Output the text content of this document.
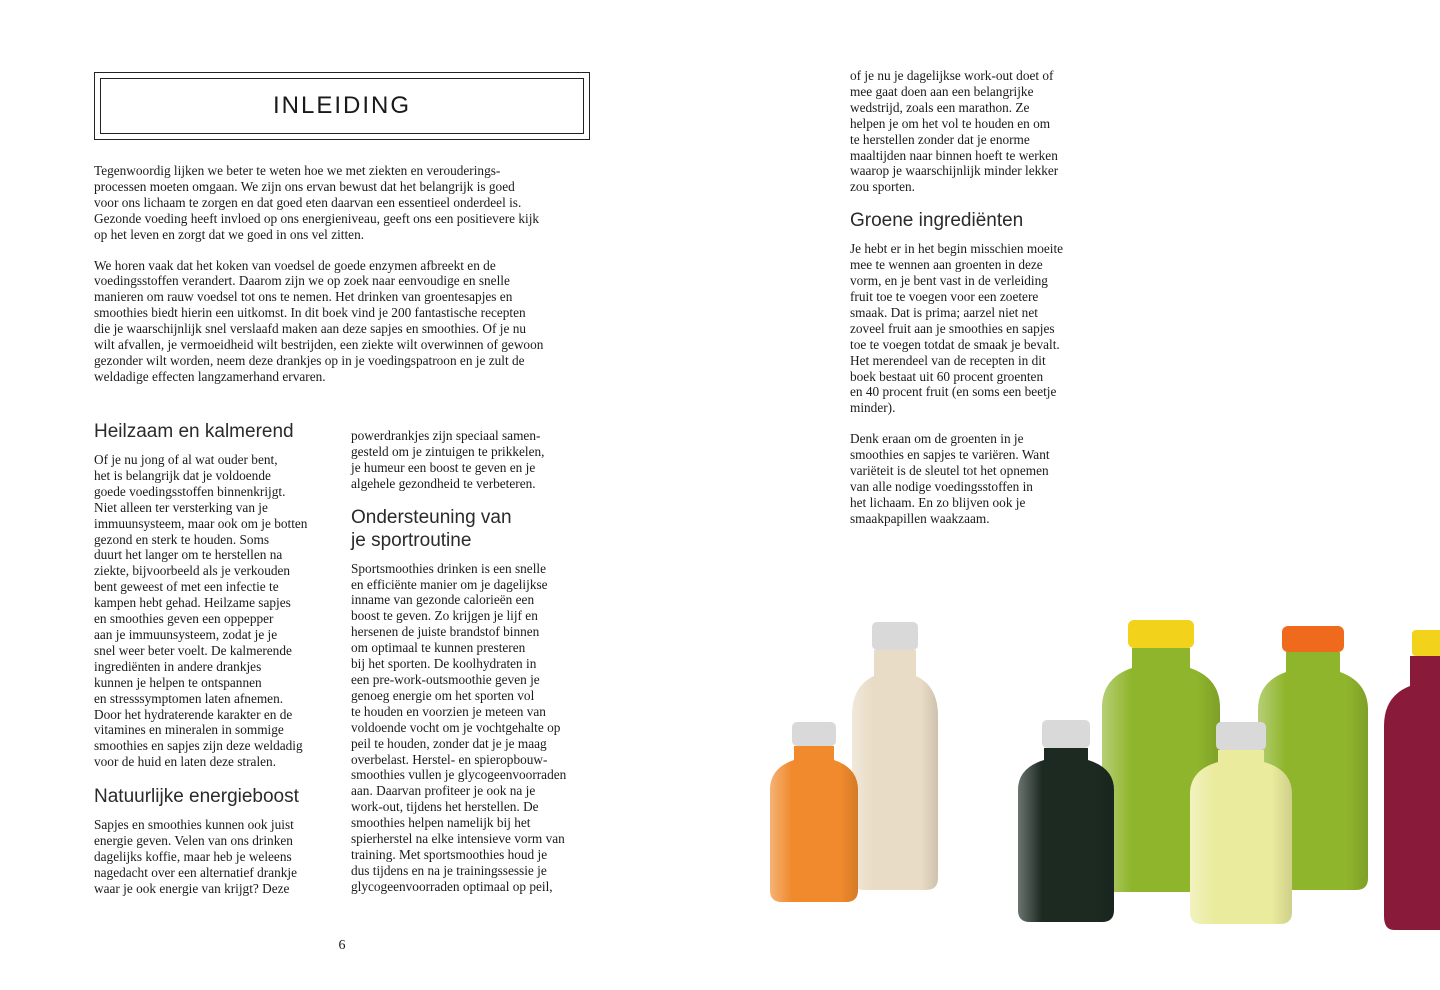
INLEIDING

Tegenwoordig lijken we beter te weten hoe we met ziekten en verouderings-
processen moeten omgaan. We zijn ons ervan bewust dat het belangrijk is goed
voor ons lichaam te zorgen en dat goed eten daarvan een essentieel onderdeel is.
Gezonde voeding heeft invloed op ons energieniveau, geeft ons een positievere kijk
op het leven en zorgt dat we goed in ons vel zitten.

We horen vaak dat het koken van voedsel de goede enzymen afbreekt en de
voedingsstoffen verandert. Daarom zijn we op zoek naar eenvoudige en snelle
manieren om rauw voedsel tot ons te nemen. Het drinken van groentesapjes en
smoothies biedt hierin een uitkomst. In dit boek vind je 200 fantastische recepten
die je waarschijnlijk snel verslaafd maken aan deze sapjes en smoothies. Of je nu
wilt afvallen, je vermoeidheid wilt bestrijden, een ziekte wilt overwinnen of gewoon
gezonder wilt worden, neem deze drankjes op in je voedingspatroon en je zult de
weldadige effecten langzamerhand ervaren.

Heilzaam en kalmerend

Of je nu jong of al wat ouder bent,
het is belangrijk dat je voldoende
goede voedingsstoffen binnenkrijgt.
Niet alleen ter versterking van je
immuunsysteem, maar ook om je botten
gezond en sterk te houden. Soms
duurt het langer om te herstellen na
ziekte, bijvoorbeeld als je verkouden
bent geweest of met een infectie te
kampen hebt gehad. Heilzame sapjes
en smoothies geven een oppepper
aan je immuunsysteem, zodat je je
snel weer beter voelt. De kalmerende
ingrediënten in andere drankjes
kunnen je helpen te ontspannen
en stresssymptomen laten afnemen.
Door het hydraterende karakter en de
vitamines en mineralen in sommige
smoothies en sapjes zijn deze weldadig
voor de huid en laten deze stralen.

Natuurlijke energieboost

Sapjes en smoothies kunnen ook juist
energie geven. Velen van ons drinken
dagelijks koffie, maar heb je weleens
nagedacht over een alternatief drankje
waar je ook energie van krijgt? Deze

powerdrankjes zijn speciaal samen-
gesteld om je zintuigen te prikkelen,
je humeur een boost te geven en je
algehele gezondheid te verbeteren.

Ondersteuning van
je sportroutine

Sportsmoothies drinken is een snelle
en efficiënte manier om je dagelijkse
inname van gezonde calorieën een
boost te geven. Zo krijgen je lijf en
hersenen de juiste brandstof binnen
om optimaal te kunnen presteren
bij het sporten. De koolhydraten in
een pre-work-outsmoothie geven je
genoeg energie om het sporten vol
te houden en voorzien je meteen van
voldoende vocht om je vochtgehalte op
peil te houden, zonder dat je je maag
overbelast. Herstel- en spieropbouw-
smoothies vullen je glycogeenvoorraden
aan. Daarvan profiteer je ook na je
work-out, tijdens het herstellen. De
smoothies helpen namelijk bij het
spierherstel na elke intensieve vorm van
training. Met sportsmoothies houd je
dus tijdens en na je trainingssessie je
glycogeenvoorraden optimaal op peil,

of je nu je dagelijkse work-out doet of
mee gaat doen aan een belangrijke
wedstrijd, zoals een marathon. Ze
helpen je om het vol te houden en om
te herstellen zonder dat je enorme
maaltijden naar binnen hoeft te werken
waarop je waarschijnlijk minder lekker
zou sporten.

Groene ingrediënten

Je hebt er in het begin misschien moeite
mee te wennen aan groenten in deze
vorm, en je bent vast in de verleiding
fruit toe te voegen voor een zoetere
smaak. Dat is prima; aarzel niet net
zoveel fruit aan je smoothies en sapjes
toe te voegen totdat de smaak je bevalt.
Het merendeel van de recepten in dit
boek bestaat uit 60 procent groenten
en 40 procent fruit (en soms een beetje
minder).

Denk eraan om de groenten in je
smoothies en sapjes te variëren. Want
variëteit is de sleutel tot het opnemen
van alle nodige voedingsstoffen in
het lichaam. En zo blijven ook je
smaakpapillen waakzaam.

6
